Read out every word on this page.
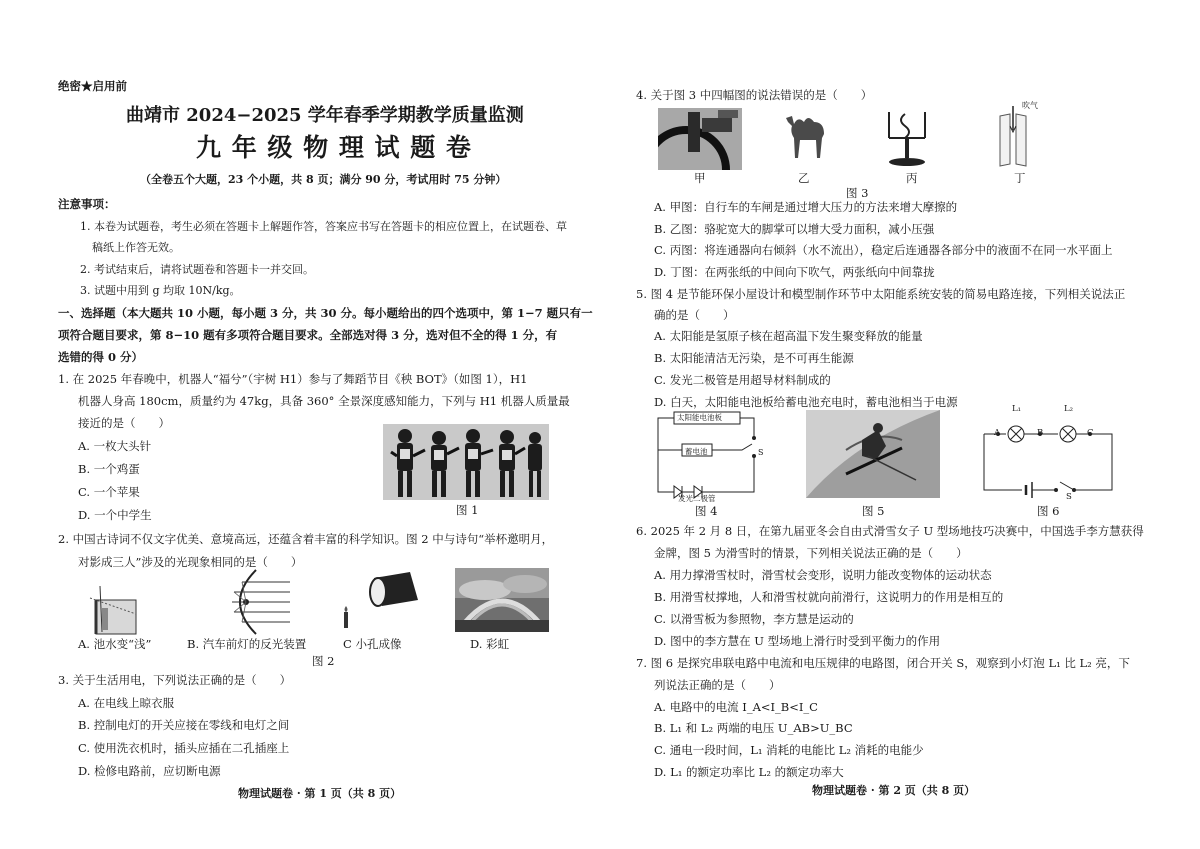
绝密★启用前
曲靖市 2024−2025 学年春季学期教学质量监测
九 年 级 物 理 试 题 卷
（全卷五个大题，23 个小题，共 8 页；满分 90 分，考试用时 75 分钟）
注意事项：
1. 本卷为试题卷，考生必须在答题卡上解题作答，答案应书写在答题卡的相应位置上，在试题卷、草
稿纸上作答无效。
2. 考试结束后，请将试题卷和答题卡一并交回。
3. 试题中用到 g 均取 10N/kg。
一、选择题（本大题共 10 小题，每小题 3 分，共 30 分。每小题给出的四个选项中，第 1−7 题只有一
项符合题目要求，第 8−10 题有多项符合题目要求。全部选对得 3 分，选对但不全的得 1 分，有
选错的得 0 分）
1. 在 2025 年春晚中，机器人“福兮”（宇树 H1）参与了舞蹈节目《秧 BOT》（如图 1），H1
机器人身高 180cm，质量约为 47kg，具备 360° 全景深度感知能力，下列与 H1 机器人质量最
接近的是（　　）
A. 一枚大头针
B. 一个鸡蛋
C. 一个苹果
D. 一个中学生	图 1
2. 中国古诗词不仅文字优美、意境高远，还蕴含着丰富的科学知识。图 2 中与诗句“举杯邀明月，
对影成三人”涉及的光现象相同的是（　　）
A. 池水变“浅”	B. 汽车前灯的反光装置	C 小孔成像	D. 彩虹
图 2
3. 关于生活用电，下列说法正确的是（　　）
A. 在电线上晾衣服
B. 控制电灯的开关应接在零线和电灯之间
C. 使用洗衣机时，插头应插在二孔插座上
D. 检修电路前，应切断电源
物理试题卷 · 第 1 页（共 8 页）
4. 关于图 3 中四幅图的说法错误的是（　　）
吹气
甲	乙	丙	丁
图 3
A. 甲图：自行车的车闸是通过增大压力的方法来增大摩擦的
B. 乙图：骆驼宽大的脚掌可以增大受力面积，减小压强
C. 丙图：将连通器向右倾斜（水不流出），稳定后连通器各部分中的液面不在同一水平面上
D. 丁图：在两张纸的中间向下吹气，两张纸向中间靠拢
5. 图 4 是节能环保小屋设计和模型制作环节中太阳能系统安装的简易电路连接，下列相关说法正
确的是（　　）
A. 太阳能是氢原子核在超高温下发生聚变释放的能量
B. 太阳能清洁无污染，是不可再生能源
C. 发光二极管是用超导材料制成的
D. 白天，太阳能电池板给蓄电池充电时，蓄电池相当于电源
太阳能电池板
蓄电池
发光二极管
S
图 4	图 5
L₁	L₂
A	B	C
S
图 6
6. 2025 年 2 月 8 日，在第九届亚冬会自由式滑雪女子 U 型场地技巧决赛中，中国选手李方慧获得
金牌，图 5 为滑雪时的情景，下列相关说法正确的是（　　）
A. 用力撑滑雪杖时，滑雪杖会变形，说明力能改变物体的运动状态
B. 用滑雪杖撑地，人和滑雪杖就向前滑行，这说明力的作用是相互的
C. 以滑雪板为参照物，李方慧是运动的
D. 图中的李方慧在 U 型场地上滑行时受到平衡力的作用
7. 图 6 是探究串联电路中电流和电压规律的电路图，闭合开关 S，观察到小灯泡 L₁ 比 L₂ 亮，下
列说法正确的是（　　）
A. 电路中的电流 I_A<I_B<I_C
B. L₁ 和 L₂ 两端的电压 U_AB>U_BC
C. 通电一段时间，L₁ 消耗的电能比 L₂ 消耗的电能少
D. L₁ 的额定功率比 L₂ 的额定功率大
物理试题卷 · 第 2 页（共 8 页）
